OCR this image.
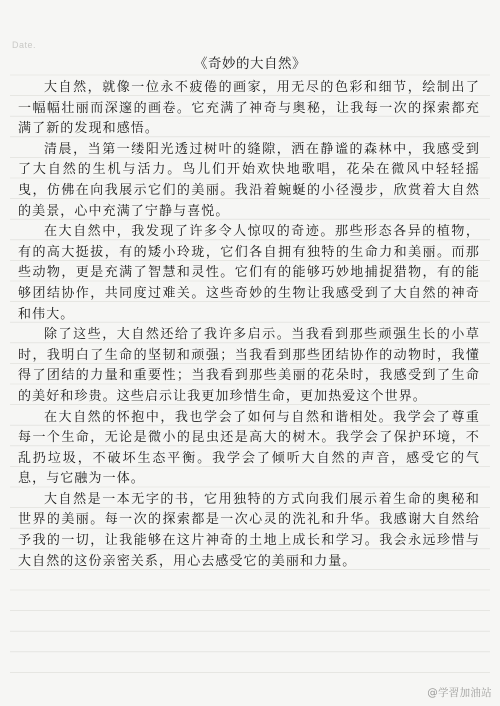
Date.
《奇妙的大自然》

大自然，就像一位永不疲倦的画家，用无尽的色彩和细节，绘制出了一幅幅壮丽而深邃的画卷。它充满了神奇与奥秘，让我每一次的探索都充满了新的发现和感悟。

清晨，当第一缕阳光透过树叶的缝隙，洒在静谧的森林中，我感受到了大自然的生机与活力。鸟儿们开始欢快地歌唱，花朵在微风中轻轻摇曳，仿佛在向我展示它们的美丽。我沿着蜿蜒的小径漫步，欣赏着大自然的美景，心中充满了宁静与喜悦。

在大自然中，我发现了许多令人惊叹的奇迹。那些形态各异的植物，有的高大挺拔，有的矮小玲珑，它们各自拥有独特的生命力和美丽。而那些动物，更是充满了智慧和灵性。它们有的能够巧妙地捕捉猎物，有的能够团结协作，共同度过难关。这些奇妙的生物让我感受到了大自然的神奇和伟大。

除了这些，大自然还给了我许多启示。当我看到那些顽强生长的小草时，我明白了生命的坚韧和顽强；当我看到那些团结协作的动物时，我懂得了团结的力量和重要性；当我看到那些美丽的花朵时，我感受到了生命的美好和珍贵。这些启示让我更加珍惜生命，更加热爱这个世界。

在大自然的怀抱中，我也学会了如何与自然和谐相处。我学会了尊重每一个生命，无论是微小的昆虫还是高大的树木。我学会了保护环境，不乱扔垃圾，不破坏生态平衡。我学会了倾听大自然的声音，感受它的气息，与它融为一体。

大自然是一本无字的书，它用独特的方式向我们展示着生命的奥秘和世界的美丽。每一次的探索都是一次心灵的洗礼和升华。我感谢大自然给予我的一切，让我能够在这片神奇的土地上成长和学习。我会永远珍惜与大自然的这份亲密关系，用心去感受它的美丽和力量。

@学習加油站
